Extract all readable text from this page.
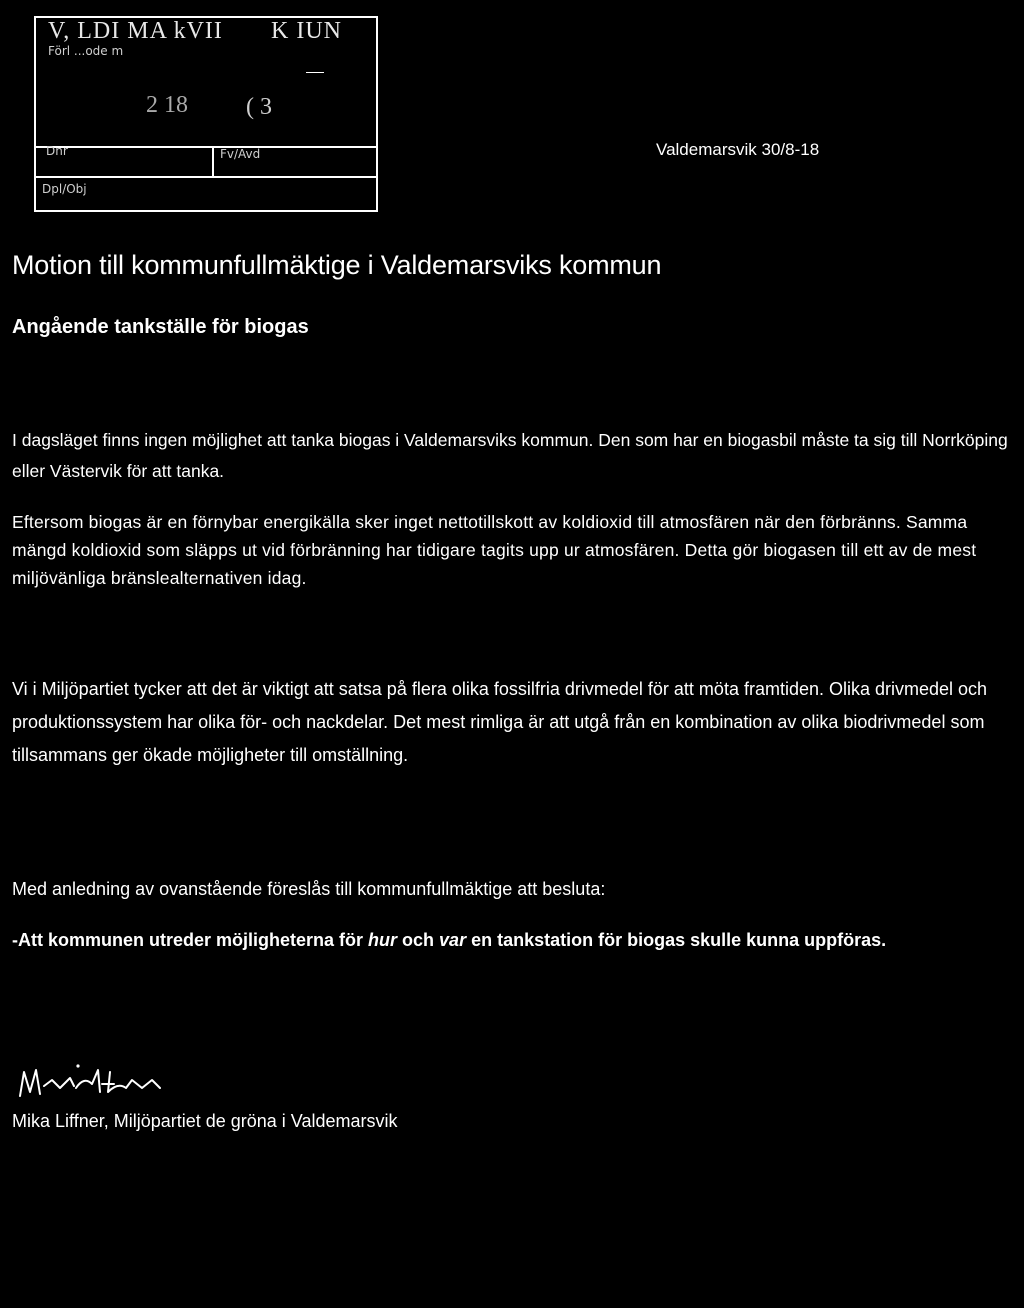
V, LDI MA kVII K IUN
Förl ...ode m
2 18 ( 3
Dnr	Fv/Avd
Dpl/Obj
Valdemarsvik 30/8-18
Motion till kommunfullmäktige i Valdemarsviks kommun
Angående tankställe för biogas

I dagsläget finns ingen möjlighet att tanka biogas i Valdemarsviks kommun. Den som har en biogasbil måste ta sig till Norrköping eller Västervik för att tanka.

Eftersom biogas är en förnybar energikälla sker inget nettotillskott av koldioxid till atmosfären när den förbränns. Samma mängd koldioxid som släpps ut vid förbränning har tidigare tagits upp ur atmosfären. Detta gör biogasen till ett av de mest miljövänliga bränslealternativen idag.

Vi i Miljöpartiet tycker att det är viktigt att satsa på flera olika fossilfria drivmedel för att möta framtiden. Olika drivmedel och produktionssystem har olika för- och nackdelar. Det mest rimliga är att utgå från en kombination av olika biodrivmedel som tillsammans ger ökade möjligheter till omställning.

Med anledning av ovanstående föreslås till kommunfullmäktige att besluta:

-Att kommunen utreder möjligheterna för hur och var en tankstation för biogas skulle kunna uppföras.

Mika Liffner, Miljöpartiet de gröna i Valdemarsvik
